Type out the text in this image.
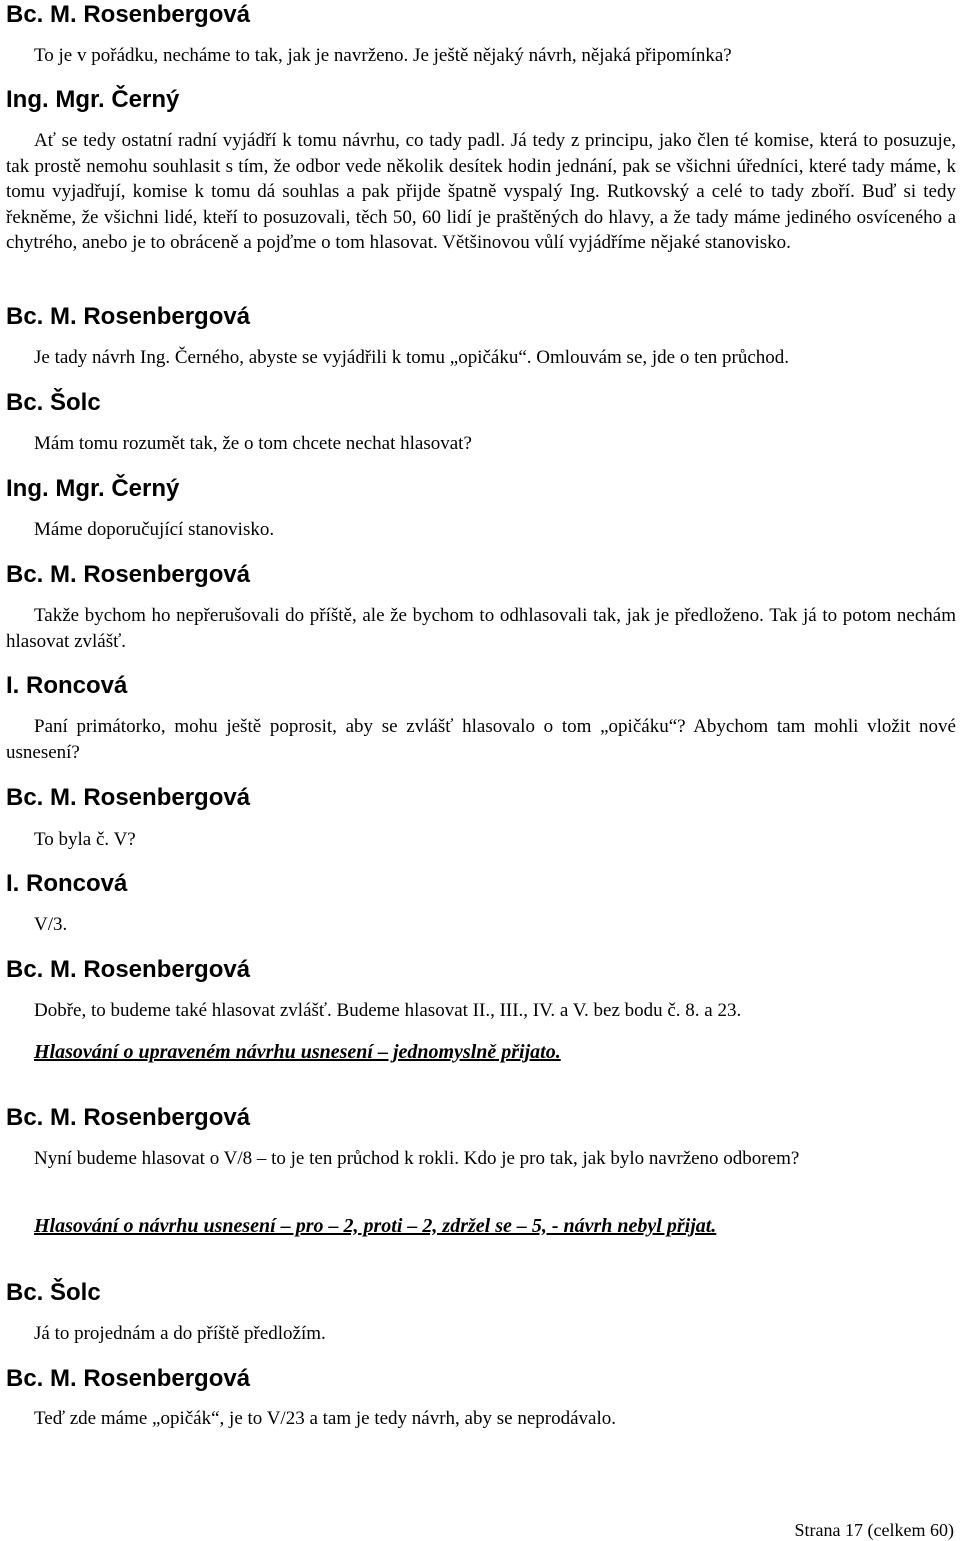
Bc. M. Rosenbergová
To je v pořádku, necháme to tak, jak je navrženo. Je ještě nějaký návrh, nějaká připomínka?
Ing. Mgr. Černý
Ať se tedy ostatní radní vyjádří k tomu návrhu, co tady padl. Já tedy z principu, jako člen té komise, která to posuzuje, tak prostě nemohu souhlasit s tím, že odbor vede několik desítek hodin jednání, pak se všichni úředníci, které tady máme, k tomu vyjadřují, komise k tomu dá souhlas a pak přijde špatně vyspalý Ing. Rutkovský a celé to tady zboří. Buď si tedy řekněme, že všichni lidé, kteří to posuzovali, těch 50, 60 lidí je praštěných do hlavy, a že tady máme jediného osvíceného a chytrého, anebo je to obráceně a pojďme o tom hlasovat. Většinovou vůlí vyjádříme nějaké stanovisko.
Bc. M. Rosenbergová
Je tady návrh Ing. Černého, abyste se vyjádřili k tomu „opičáku“. Omlouvám se, jde o ten průchod.
Bc. Šolc
Mám tomu rozumět tak, že o tom chcete nechat hlasovat?
Ing. Mgr. Černý
Máme doporučující stanovisko.
Bc. M. Rosenbergová
Takže bychom ho nepřerušovali do příště, ale že bychom to odhlasovali tak, jak je předloženo. Tak já to potom nechám hlasovat zvlášť.
I. Roncová
Paní primátorko, mohu ještě poprosit, aby se zvlášť hlasovalo o tom „opičáku“? Abychom tam mohli vložit nové usnesení?
Bc. M. Rosenbergová
To byla č. V?
I. Roncová
V/3.
Bc. M. Rosenbergová
Dobře, to budeme také hlasovat zvlášť. Budeme hlasovat II., III., IV. a V. bez bodu č. 8. a 23.
Hlasování o upraveném návrhu usnesení – jednomyslně přijato.
Bc. M. Rosenbergová
Nyní budeme hlasovat o V/8 – to je ten průchod k rokli. Kdo je pro tak, jak bylo navrženo odborem?
Hlasování o návrhu usnesení – pro – 2, proti – 2, zdržel se – 5, - návrh nebyl přijat.
Bc. Šolc
Já to projednám a do příště předložím.
Bc. M. Rosenbergová
Teď zde máme „opičák“, je to V/23 a tam je tedy návrh, aby se neprodávalo.
Strana 17 (celkem 60)
